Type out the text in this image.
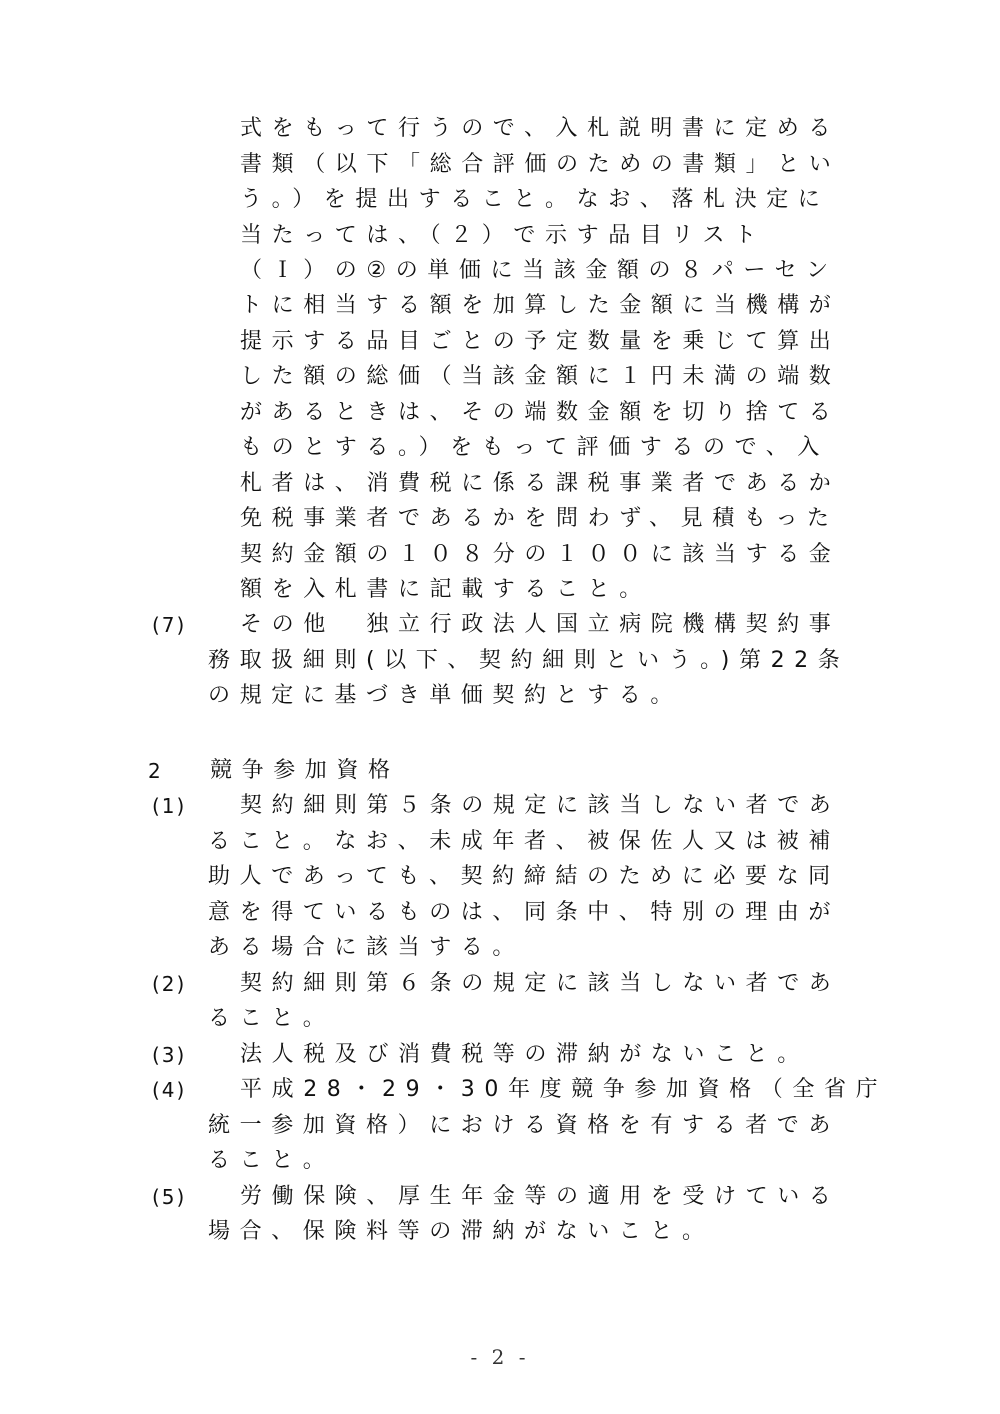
式をもって行うので、入札説明書に定める
書類（以下「総合評価のための書類」とい
う。）を提出すること。なお、落札決定に
当たっては、（２）で示す品目リスト
（Ｉ）の②の単価に当該金額の８パーセン
トに相当する額を加算した金額に当機構が
提示する品目ごとの予定数量を乗じて算出
した額の総価（当該金額に１円未満の端数
があるときは、その端数金額を切り捨てる
ものとする。）をもって評価するので、入
札者は、消費税に係る課税事業者であるか
免税事業者であるかを問わず、見積もった
契約金額の１０８分の１００に該当する金
額を入札書に記載すること。
(7) その他　独立行政法人国立病院機構契約事
務取扱細則(以下、契約細則という。)第22条
の規定に基づき単価契約とする。
2 競争参加資格
(1) 契約細則第５条の規定に該当しない者であ
ること。なお、未成年者、被保佐人又は被補
助人であっても、契約締結のために必要な同
意を得ているものは、同条中、特別の理由が
ある場合に該当する。
(2) 契約細則第６条の規定に該当しない者であ
ること。
(3) 法人税及び消費税等の滞納がないこと。
(4) 平成28・29・30年度競争参加資格（全省庁
統一参加資格）における資格を有する者であ
ること。
(5) 労働保険、厚生年金等の適用を受けている
場合、保険料等の滞納がないこと。
- 2 -
